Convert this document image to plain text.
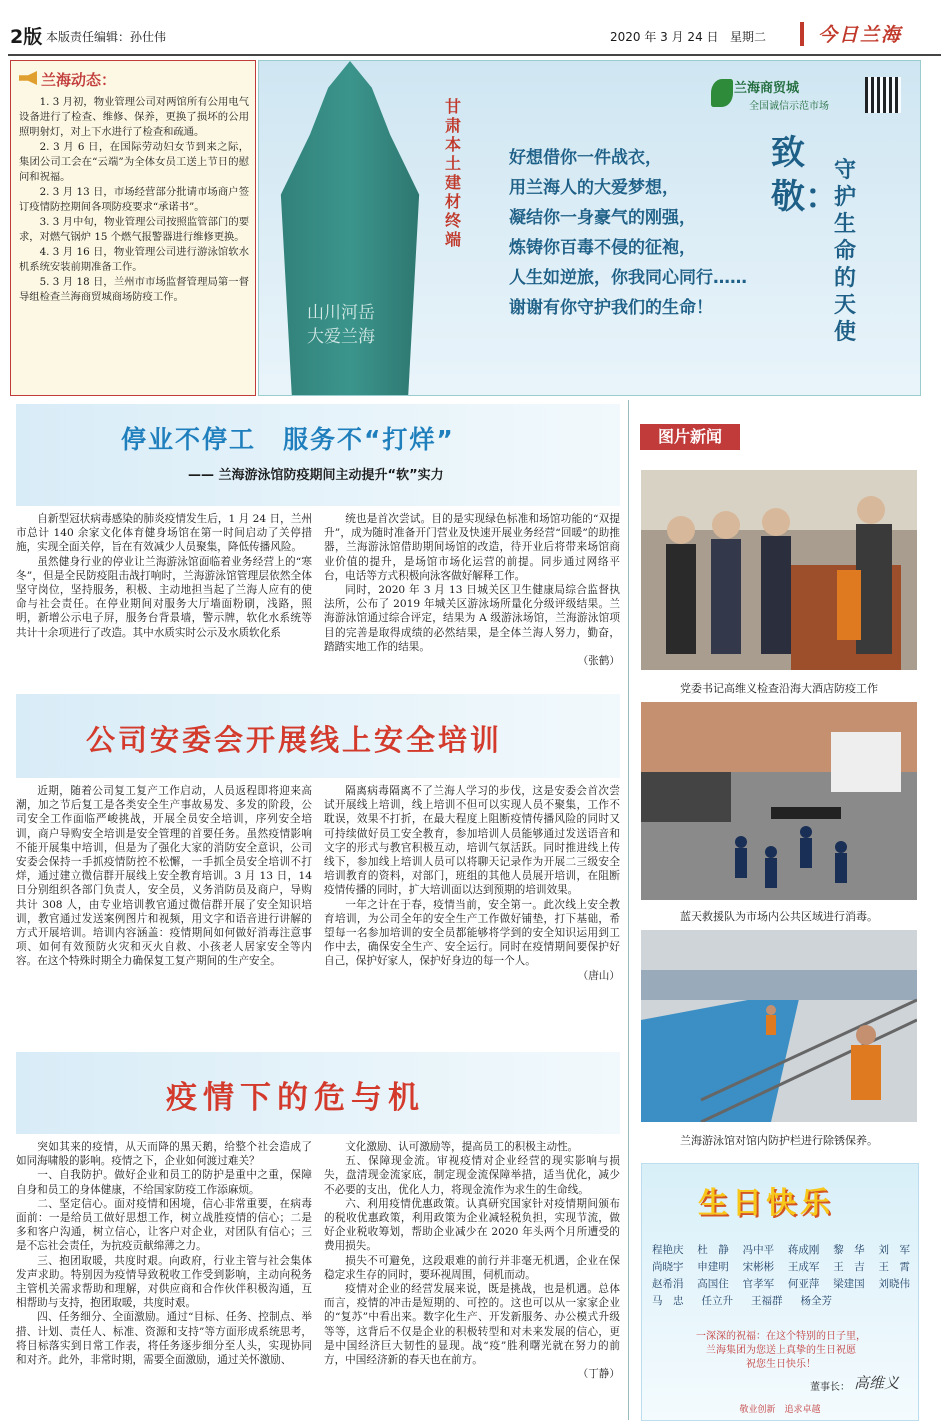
2版 本版责任编辑：孙仕伟	2020 年 3 月 24 日 星期二	今日兰海
兰海动态：

1. 3 月初，物业管理公司对两馆所有公用电气设备进行了检查、维修、保养，更换了损坏的公用照明射灯，对上下水进行了检查和疏通。

2. 3 月 6 日，在国际劳动妇女节到来之际，集团公司工会在“云端”为全体女员工送上节日的慰问和祝福。

2. 3 月 13 日，市场经营部分批请市场商户签订疫情防控期间各项防疫要求“承诺书”。

3. 3 月中旬，物业管理公司按照监管部门的要求，对燃气锅炉 15 个燃气报警器进行维修更换。

4. 3 月 16 日，物业管理公司进行游泳馆软水机系统安装前期准备工作。

5. 3 月 18 日，兰州市市场监督管理局第一督导组检查兰海商贸城商场防疫工作。

山川河岳
大爱兰海
甘肃本土建材终端
兰海商贸城
全国诚信示范市场
好想借你一件战衣，
用兰海人的大爱梦想，
凝结你一身豪气的刚强，
炼铸你百毒不侵的征袍，
人生如逆旅，你我同心同行……
谢谢有你守护我们的生命！
致敬：
守护生命的天使
停业不停工　服务不“打烊”
—— 兰海游泳馆防疫期间主动提升“软”实力

自新型冠状病毒感染的肺炎疫情发生后，1 月 24 日，兰州市总计 140 余家文化体育健身场馆在第一时间启动了关停措施，实现全面关停，旨在有效减少人员聚集，降低传播风险。

虽然健身行业的停业让兰海游泳馆面临着业务经营上的“寒冬”，但是全民防疫阻击战打响时，兰海游泳馆管理层依然全体坚守岗位，坚持服务，积极、主动地担当起了兰海人应有的使命与社会责任。在停业期间对服务大厅墙面粉刷，浅路，照明，新增公示电子屏，服务台背景墙，警示牌，软化水系统等共计十余项进行了改造。其中水质实时公示及水质软化系

统也是首次尝试。目的是实现绿色标准和场馆功能的“双提升”，成为随时准备开门营业及快速开展业务经营“回暖”的助推器，兰海游泳馆借助期间场馆的改造，待开业后将带来场馆商业价值的提升，是场馆市场化运营的前提。同步通过网络平台，电话等方式积极向泳客做好解释工作。

同时，2020 年 3 月 13 日城关区卫生健康局综合监督执法所，公布了 2019 年城关区游泳场所量化分级评级结果。兰海游泳馆通过综合评定，结果为 A 级游泳场馆，兰海游泳馆项目的完善是取得成绩的必然结果，是全体兰海人努力，勤奋，踏踏实地工作的结果。

（张鹤）

公司安委会开展线上安全培训

近期，随着公司复工复产工作启动，人员返程即将迎来高潮，加之节后复工是各类安全生产事故易发、多发的阶段，公司安全工作面临严峻挑战，开展全员安全培训，序列安全培训，商户导购安全培训是安全管理的首要任务。虽然疫情影响不能开展集中培训，但是为了强化大家的消防安全意识，公司安委会保持一手抓疫情防控不松懈，一手抓全员安全培训不打烊，通过建立微信群开展线上安全教育培训。3 月 13 日，14 日分别组织各部门负责人，安全员，义务消防员及商户，导购共计 308 人，由专业培训教官通过微信群开展了安全知识培训，教官通过发送案例图片和视频，用文字和语音进行讲解的方式开展培训。培训内容涵盖：疫情期间如何做好消毒注意事项、如何有效预防火灾和灭火自救、小孩老人居家安全等内容。在这个特殊时期全力确保复工复产期间的生产安全。

隔离病毒隔离不了兰海人学习的步伐，这是安委会首次尝试开展线上培训，线上培训不但可以实现人员不聚集，工作不耽误，效果不打折，在最大程度上阻断疫情传播风险的同时又可持续做好员工安全教育，参加培训人员能够通过发送语音和文字的形式与教官积极互动，培训气氛活跃。同时推进线上传线下，参加线上培训人员可以将聊天记录作为开展二三级安全培训教育的资料，对部门，班组的其他人员展开培训，在阻断疫情传播的同时，扩大培训面以达到预期的培训效果。

一年之计在于春，疫情当前，安全第一。此次线上安全教育培训，为公司全年的安全生产工作做好铺垫，打下基础，希望每一名参加培训的安全员都能够将学到的安全知识运用到工作中去，确保安全生产、安全运行。同时在疫情期间要保护好自己，保护好家人，保护好身边的每一个人。

（唐山）

疫情下的危与机

突如其来的疫情，从天而降的黑天鹅，给整个社会造成了如同海啸般的影响。疫情之下，企业如何渡过难关？

一、自我防护。做好企业和员工的防护是重中之重，保障自身和员工的身体健康，不给国家防疫工作添麻烦。

二、坚定信心。面对疫情和困境，信心非常重要，在病毒面前：一是给员工做好思想工作，树立战胜疫情的信心；二是多和客户沟通，树立信心，让客户对企业，对团队有信心；三是不忘社会责任，为抗疫贡献绵薄之力。

三、抱团取暖，共度时艰。向政府，行业主管与社会集体发声求助。特别因为疫情导致税收工作受到影响，主动向税务主管机关需求帮助和理解，对供应商和合作伙伴积极沟通，互相帮助与支持，抱团取暖，共度时艰。

四、任务细分、全面激励。通过“目标、任务、控制点、举措、计划、责任人、标准、资源和支持”等方面形成系统思考，将目标落实到日常工作表，将任务逐步细分至人头，实现协同和对齐。此外，非常时期，需要全面激励，通过关怀激励、

文化激励、认可激励等，提高员工的积极主动性。

五、保障现金流。审视疫情对企业经营的现实影响与损失，盘清现金流家底，制定现金流保障举措，适当优化，减少不必要的支出，优化人力，将现金流作为求生的生命线。

六、利用疫情优惠政策。认真研究国家针对疫情期间颁布的税收优惠政策，利用政策为企业减轻税负担，实现节流，做好企业税收筹划，帮助企业减少在 2020 年头两个月所遭受的费用损失。

损失不可避免，这段艰难的前行并非毫无机遇，企业在保稳定求生存的同时，要环视周围，伺机而动。

疫情对企业的经营发展来说，既是挑战，也是机遇。总体而言，疫情的冲击是短期的、可控的。这也可以从一家家企业的“复苏”中看出来。数字化生产、开发新服务、办公模式升级等等，这背后不仅是企业的积极转型和对未来发展的信心，更是中国经济巨大韧性的显现。战“疫”胜利曙光就在努力的前方，中国经济新的春天也在前方。

（丁静）

图片新闻
党委书记高维义检查沿海大酒店防疫工作
蓝天救援队为市场内公共区域进行消毒。
兰海游泳馆对馆内防护栏进行除锈保养。
生日快乐
程艳庆 杜　静 冯中平 蒋成刚 黎　华 刘　军
尚晓宇 申建明 宋彬彬 王成军 王　吉 王　霄
赵希涓 高国住 官孝军 何亚萍 梁建国 刘晓伟
马　忠 任立升 王福群 杨全芳
一深深的祝福：在这个特别的日子里，
兰海集团为您送上真挚的生日祝愿
祝您生日快乐！
董事长： 高维义
敬业创新　追求卓越
